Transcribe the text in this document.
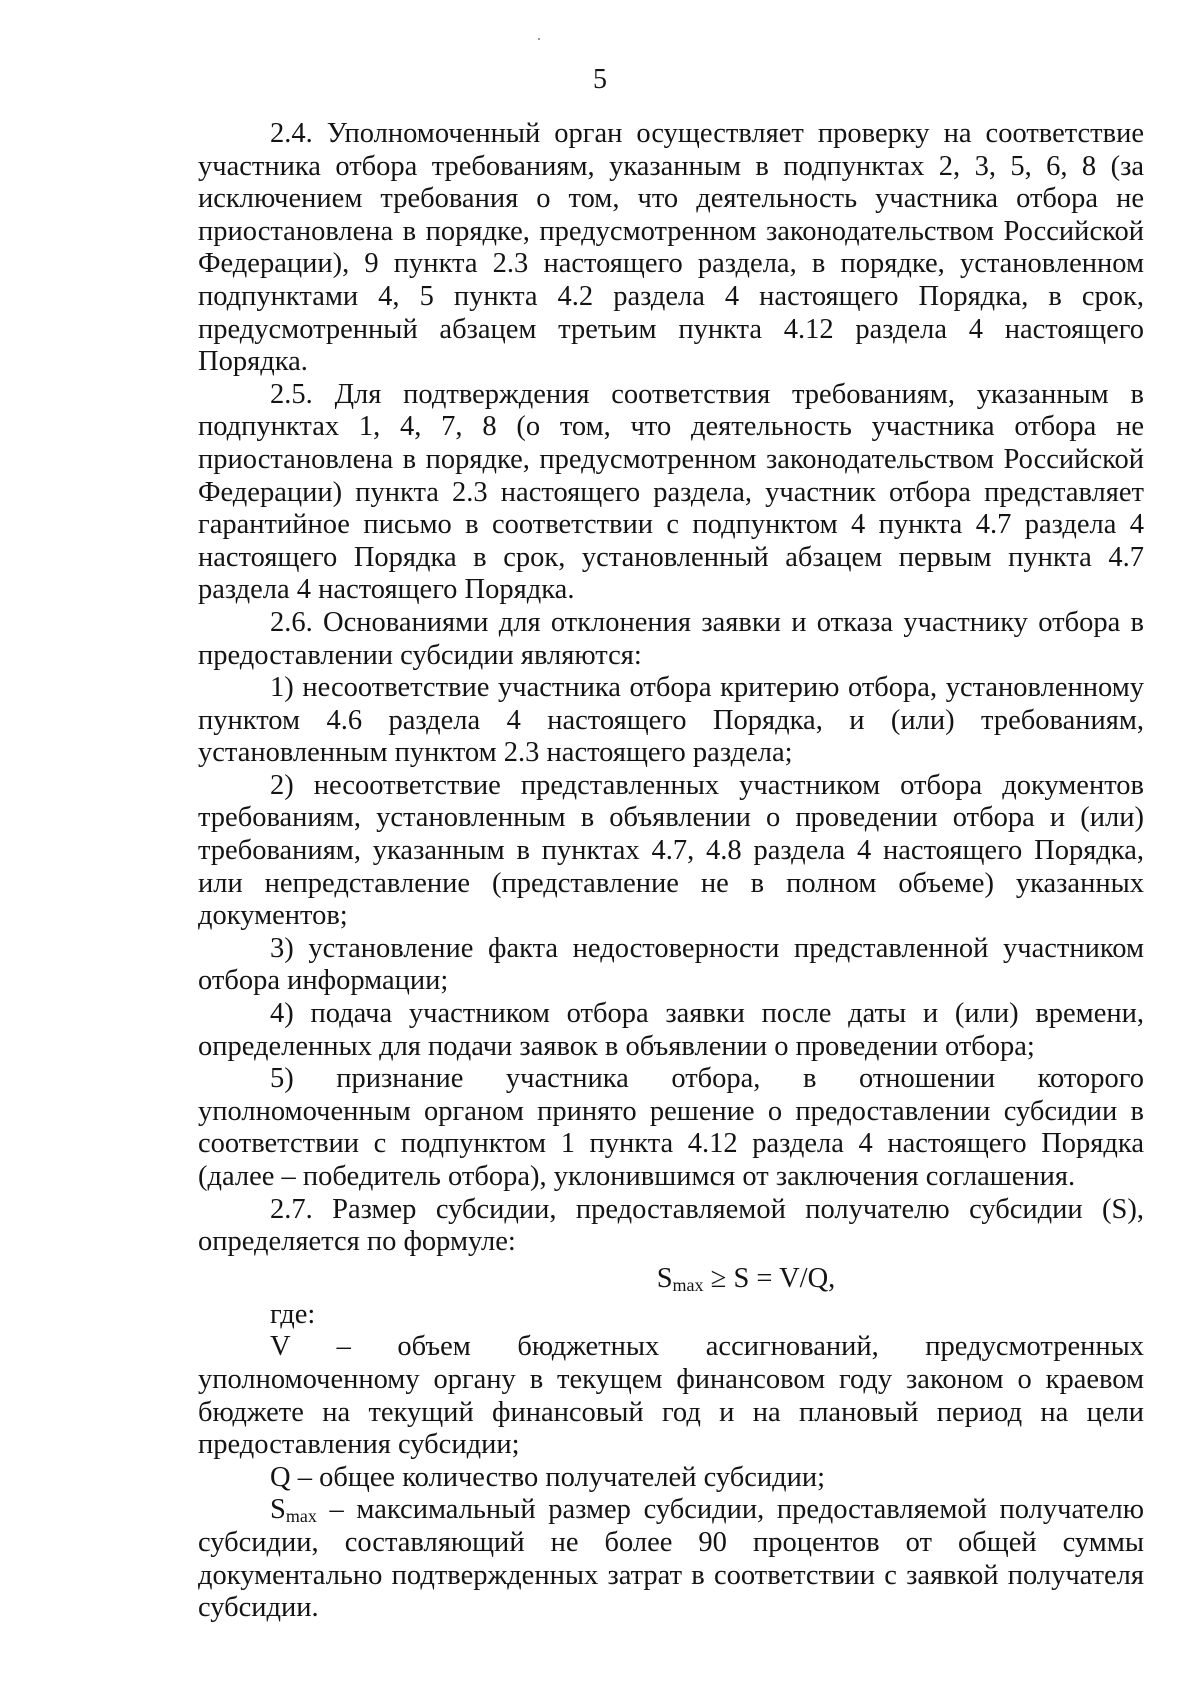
5

2.4. Уполномоченный орган осуществляет проверку на соответствие участника отбора требованиям, указанным в подпунктах 2, 3, 5, 6, 8 (за исключением требования о том, что деятельность участника отбора не приостановлена в порядке, предусмотренном законодательством Российской Федерации), 9 пункта 2.3 настоящего раздела, в порядке, установленном подпунктами 4, 5 пункта 4.2 раздела 4 настоящего Порядка, в срок, предусмотренный абзацем третьим пункта 4.12 раздела 4 настоящего Порядка.

2.5. Для подтверждения соответствия требованиям, указанным в подпунктах 1, 4, 7, 8 (о том, что деятельность участника отбора не приостановлена в порядке, предусмотренном законодательством Российской Федерации) пункта 2.3 настоящего раздела, участник отбора представляет гарантийное письмо в соответствии с подпунктом 4 пункта 4.7 раздела 4 настоящего Порядка в срок, установленный абзацем первым пункта 4.7 раздела 4 настоящего Порядка.

2.6. Основаниями для отклонения заявки и отказа участнику отбора в предоставлении субсидии являются:

1) несоответствие участника отбора критерию отбора, установленному пунктом 4.6 раздела 4 настоящего Порядка, и (или) требованиям, установленным пунктом 2.3 настоящего раздела;

2) несоответствие представленных участником отбора документов требованиям, установленным в объявлении о проведении отбора и (или) требованиям, указанным в пунктах 4.7, 4.8 раздела 4 настоящего Порядка, или непредставление (представление не в полном объеме) указанных документов;

3) установление факта недостоверности представленной участником отбора информации;

4) подача участником отбора заявки после даты и (или) времени, определенных для подачи заявок в объявлении о проведении отбора;

5) признание участника отбора, в отношении которого уполномоченным органом принято решение о предоставлении субсидии в соответствии с подпунктом 1 пункта 4.12 раздела 4 настоящего Порядка (далее – победитель отбора), уклонившимся от заключения соглашения.

2.7. Размер субсидии, предоставляемой получателю субсидии (S), определяется по формуле:

$S_{max} \ge S = V/Q$,

где:

V – объем бюджетных ассигнований, предусмотренных уполномоченному органу в текущем финансовом году законом о краевом бюджете на текущий финансовый год и на плановый период на цели предоставления субсидии;

Q – общее количество получателей субсидии;

$S_{max}$ – максимальный размер субсидии, предоставляемой получателю субсидии, составляющий не более 90 процентов от общей суммы документально подтвержденных затрат в соответствии с заявкой получателя субсидии.
